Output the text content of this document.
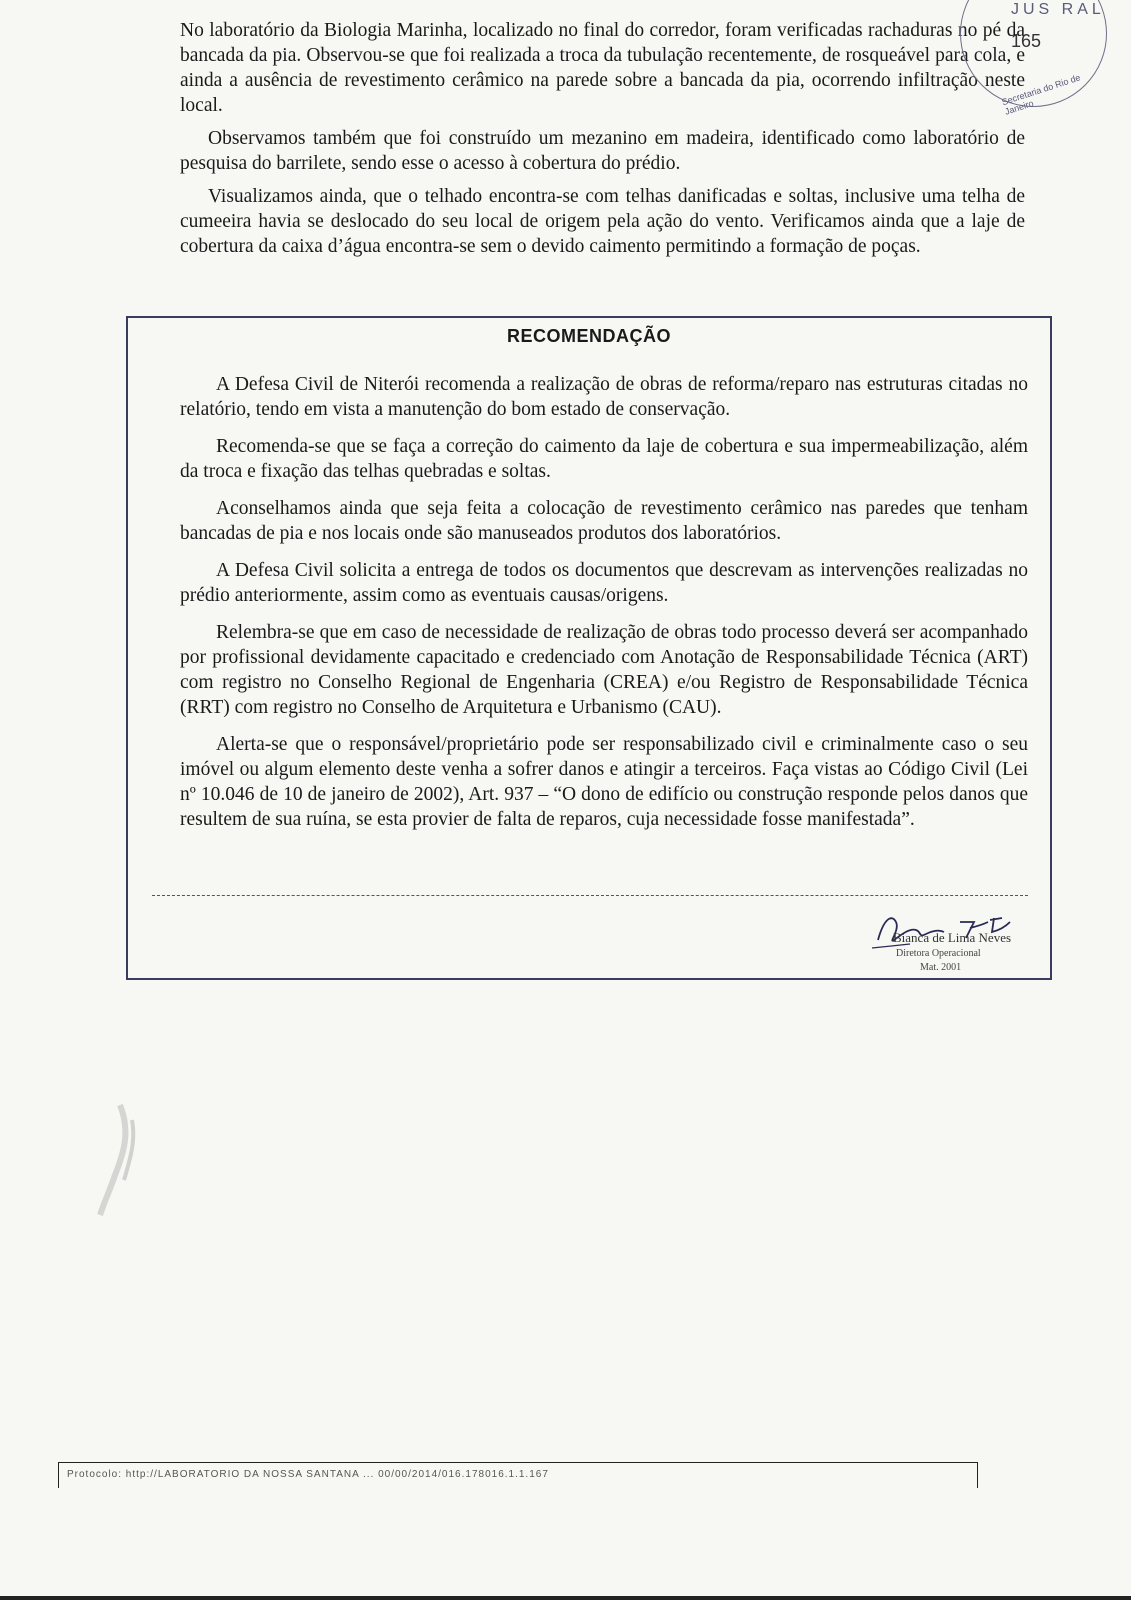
No laboratório da Biologia Marinha, localizado no final do corredor, foram verificadas rachaduras no pé da bancada da pia. Observou-se que foi realizada a troca da tubulação recentemente, de rosqueável para cola, e ainda a ausência de revestimento cerâmico na parede sobre a bancada da pia, ocorrendo infiltração neste local.

Observamos também que foi construído um mezanino em madeira, identificado como laboratório de pesquisa do barrilete, sendo esse o acesso à cobertura do prédio.

Visualizamos ainda, que o telhado encontra-se com telhas danificadas e soltas, inclusive uma telha de cumeeira havia se deslocado do seu local de origem pela ação do vento. Verificamos ainda que a laje de cobertura da caixa d’água encontra-se sem o devido caimento permitindo a formação de poças.

JUS RAL
165
Secretaria do Rio de Janeiro
RECOMENDAÇÃO

A Defesa Civil de Niterói recomenda a realização de obras de reforma/reparo nas estruturas citadas no relatório, tendo em vista a manutenção do bom estado de conservação.

Recomenda-se que se faça a correção do caimento da laje de cobertura e sua impermeabilização, além da troca e fixação das telhas quebradas e soltas.

Aconselhamos ainda que seja feita a colocação de revestimento cerâmico nas paredes que tenham bancadas de pia e nos locais onde são manuseados produtos dos laboratórios.

A Defesa Civil solicita a entrega de todos os documentos que descrevam as intervenções realizadas no prédio anteriormente, assim como as eventuais causas/origens.

Relembra-se que em caso de necessidade de realização de obras todo processo deverá ser acompanhado por profissional devidamente capacitado e credenciado com Anotação de Responsabilidade Técnica (ART) com registro no Conselho Regional de Engenharia (CREA) e/ou Registro de Responsabilidade Técnica (RRT) com registro no Conselho de Arquitetura e Urbanismo (CAU).

Alerta-se que o responsável/proprietário pode ser responsabilizado civil e criminalmente caso o seu imóvel ou algum elemento deste venha a sofrer danos e atingir a terceiros. Faça vistas ao Código Civil (Lei nº 10.046 de 10 de janeiro de 2002), Art. 937 – “O dono de edifício ou construção responde pelos danos que resultem de sua ruína, se esta provier de falta de reparos, cuja necessidade fosse manifestada”.

Bianca de Lima Neves
Diretora Operacional
Mat. 2001
Protocolo: http://LABORATORIO DA NOSSA SANTANA ... 00/00/2014/016.178016.1.1.167
